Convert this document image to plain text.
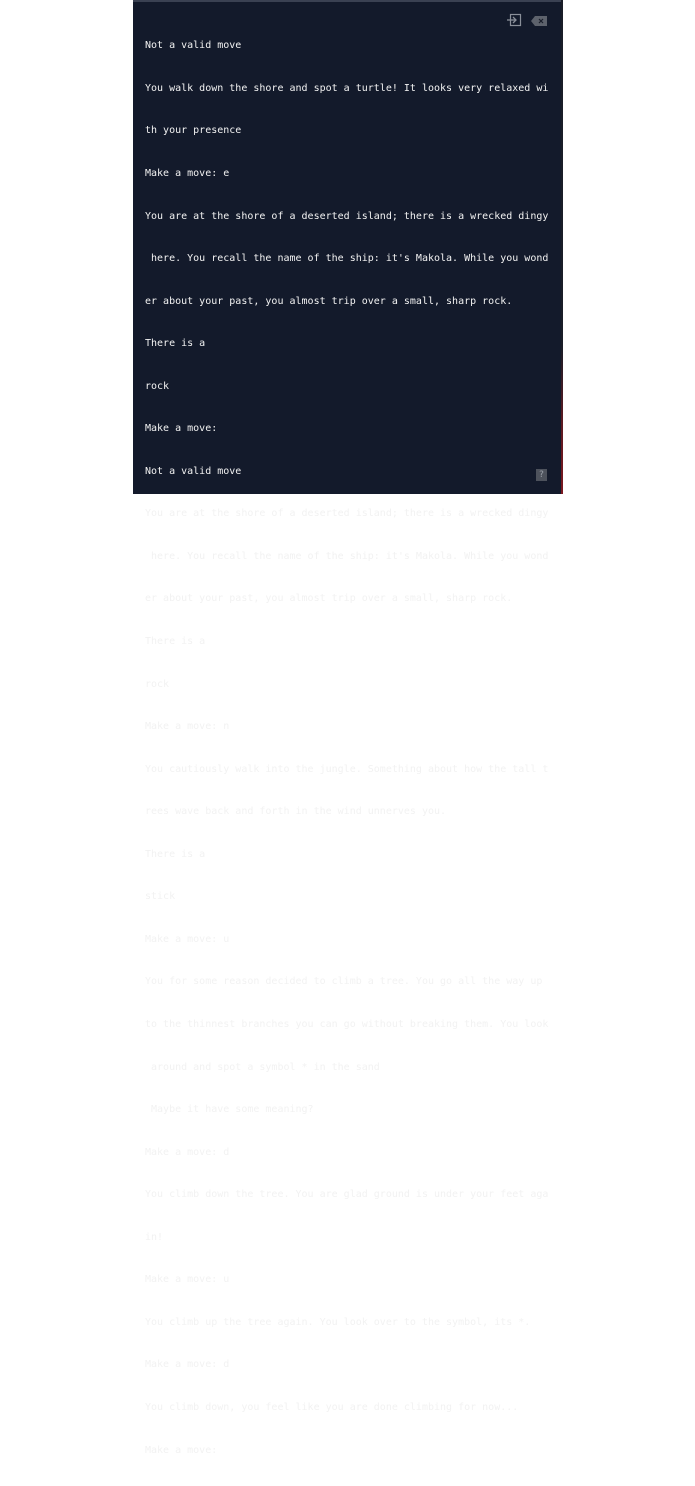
Not a valid move

You walk down the shore and spot a turtle! It looks very relaxed wi

th your presence

Make a move: e

You are at the shore of a deserted island; there is a wrecked dingy

here. You recall the name of the ship: it's Makola. While you wond

er about your past, you almost trip over a small, sharp rock.

There is a

rock

Make a move:

Not a valid move

You are at the shore of a deserted island; there is a wrecked dingy

here. You recall the name of the ship: it's Makola. While you wond

er about your past, you almost trip over a small, sharp rock.

There is a

rock

Make a move: n

You cautiously walk into the jungle. Something about how the tall t

rees wave back and forth in the wind unnerves you.

There is a

stick

Make a move: u

You for some reason decided to climb a tree. You go all the way up

to the thinnest branches you can go without breaking them. You look

around and spot a symbol * in the sand

Maybe it have some meaning?

Make a move: d

You climb down the tree. You are glad ground is under your feet aga

in!

Make a move: u

You climb up the tree again. You look over to the symbol, its *.

Make a move: d

You climb down, you feel like you are done climbing for now...

Make a move:

?
